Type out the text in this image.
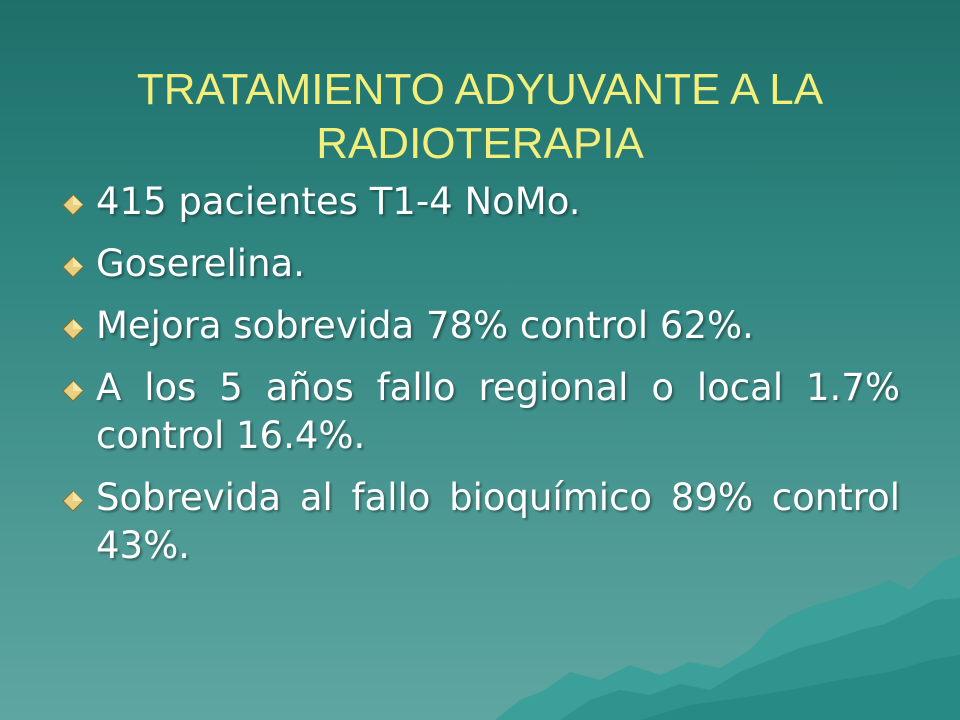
TRATAMIENTO ADYUVANTE A LA RADIOTERAPIA
415 pacientes T1-4 NoMo.
Goserelina.
Mejora sobrevida 78% control 62%.
A los 5 años fallo regional o local 1.7% control 16.4%.
Sobrevida al fallo bioquímico 89% control 43%.
